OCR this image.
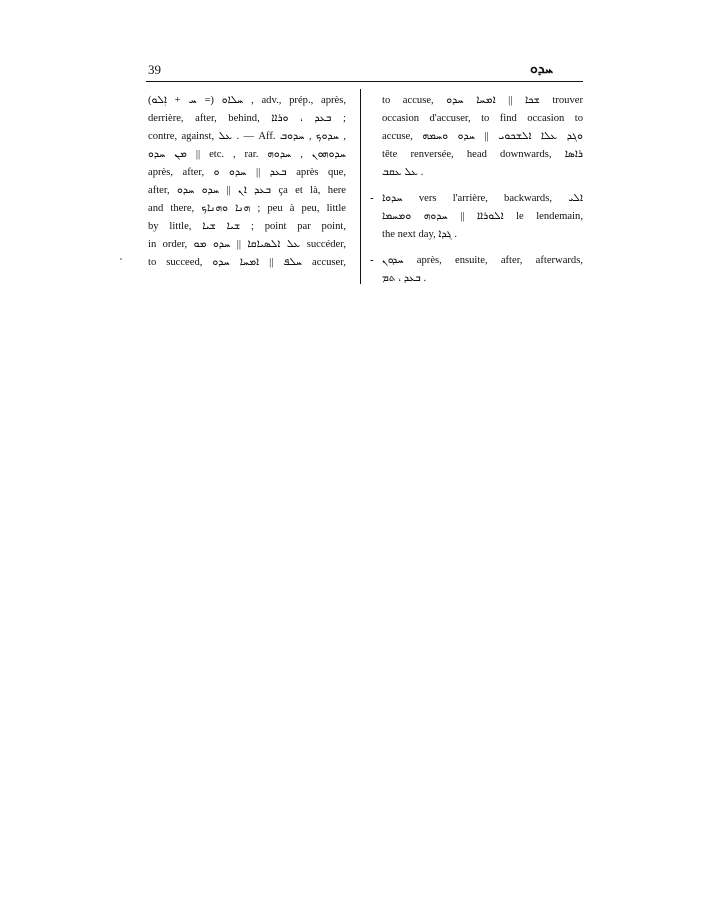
39	ܚܕܘ
ܚܠܐܘ (= ܚ + ܐܼܠܘ) , adv., prép., après,
derrière, after, behind, ܒܥܕ ، ܘܪܐܐ ;
contre, against, ܥܠ . — Aff. ܚܕܘܟ , ܚܕܘܒ ,
ܡܢ ܚܕܘ || etc. , rar. ܚܕܘܗܘܢ , ܚܕܘܗ
après, after, ܒܥܕ || ܚܕܘ ܘ après que,
after, ܒܥܕ ܐܢ || ܚܕܘ ܚܕܘ ça et là, here
and there, ܗܢܐ ܘܗܢܐܟ ; peu à peu, little
by little, ܫܝܐ ܫܝܐ ; point par point,
in order, ܥܠ ܐܠܣܝܐܩܐ || ܚܕܘ ܡܘ succéder,
to succeed, ܚܠܦ || ܐܡܚܐ ܚܕܘ accuser,
to accuse, ܫܟܐ || ܐܡܚܐ ܚܕܘ trouver
occasion d'accuser, to find occasion to
accuse, ܘܓܕ ܥܠܐ ܐܠܫܟܘܝ || ܚܕܘ ܘܚܡܗ
tête renversée, head downwards, ܪܐܣܐ
ܥܠ ܥܩܒ .
- ܚܕܘܐ vers l'arrière, backwards, ܐܠܝ
ܐܠܘܪܐܐ || ܚܕܘܗ ܘܡܚܡܐ le lendemain,
the next day, ܓܕܐ .
- ܚܕܘܢ après, ensuite, after, afterwards,
ܒܥܕ ، ܬܡ .
